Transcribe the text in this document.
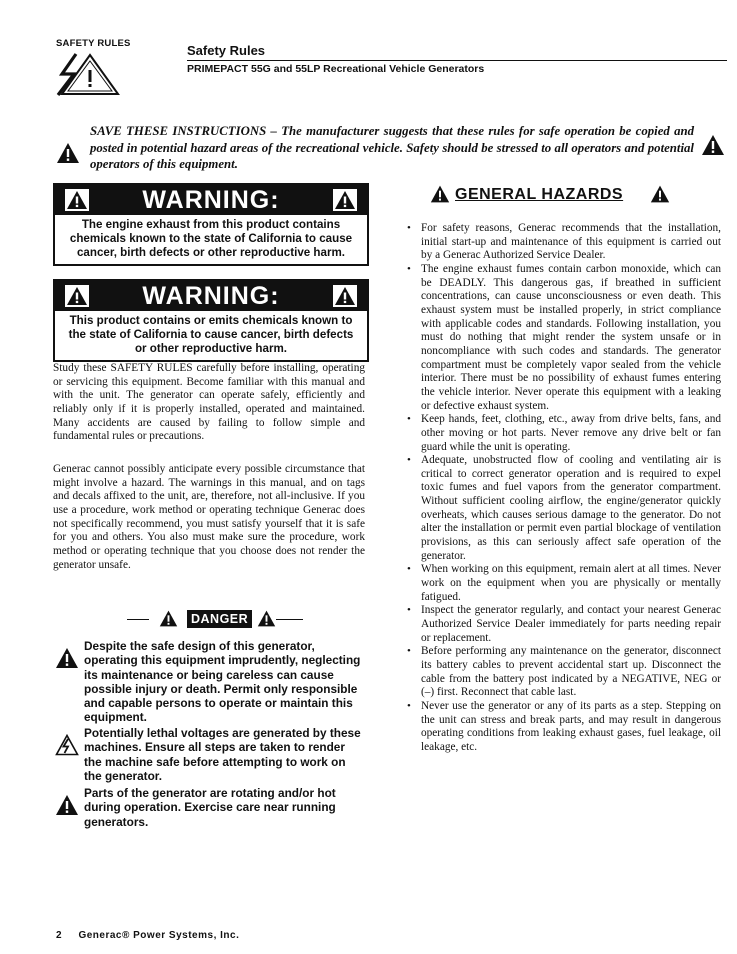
SAFETY RULES	Safety Rules
PRIMEPACT 55G and 55LP Recreational Vehicle Generators
SAVE THESE INSTRUCTIONS – The manufacturer suggests that these rules for safe operation be copied and posted in potential hazard areas of the recreational vehicle. Safety should be stressed to all operators and potential operators of this equipment.
WARNING:
The engine exhaust from this product contains chemicals known to the state of California to cause cancer, birth defects or other reproductive harm.
WARNING:
This product contains or emits chemicals known to the state of California to cause cancer, birth defects or other reproductive harm.
Study these SAFETY RULES carefully before installing, operating or servicing this equipment. Become familiar with this manual and with the unit. The generator can operate safely, efficiently and reliably only if it is properly installed, operated and maintained. Many accidents are caused by failing to follow simple and fundamental rules or precautions.
Generac cannot possibly anticipate every possible circumstance that might involve a hazard. The warnings in this manual, and on tags and decals affixed to the unit, are, therefore, not all-inclusive. If you use a procedure, work method or operating technique Generac does not specifically recommend, you must satisfy yourself that it is safe for you and others. You also must make sure the procedure, work method or operating technique that you choose does not render the generator unsafe.
DANGER
Despite the safe design of this generator, operating this equipment imprudently, neglecting its maintenance or being careless can cause possible injury or death. Permit only responsible and capable persons to operate or maintain this equipment.
Potentially lethal voltages are generated by these machines. Ensure all steps are taken to render the machine safe before attempting to work on the generator.
Parts of the generator are rotating and/or hot during operation. Exercise care near running generators.
GENERAL HAZARDS
• For safety reasons, Generac recommends that the installation, initial start-up and maintenance of this equipment is carried out by a Generac Authorized Service Dealer.
• The engine exhaust fumes contain carbon monoxide, which can be DEADLY. This dangerous gas, if breathed in sufficient concentrations, can cause unconsciousness or even death. This exhaust system must be installed properly, in strict compliance with applicable codes and standards. Following installation, you must do nothing that might render the system unsafe or in noncompliance with such codes and standards. The generator compartment must be completely vapor sealed from the vehicle interior. There must be no possibility of exhaust fumes entering the vehicle interior. Never operate this equipment with a leaking or defective exhaust system.
• Keep hands, feet, clothing, etc., away from drive belts, fans, and other moving or hot parts. Never remove any drive belt or fan guard while the unit is operating.
• Adequate, unobstructed flow of cooling and ventilating air is critical to correct generator operation and is required to expel toxic fumes and fuel vapors from the generator compartment. Without sufficient cooling airflow, the engine/generator quickly overheats, which causes serious damage to the generator. Do not alter the installation or permit even partial blockage of ventilation provisions, as this can seriously affect safe operation of the generator.
• When working on this equipment, remain alert at all times. Never work on the equipment when you are physically or mentally fatigued.
• Inspect the generator regularly, and contact your nearest Generac Authorized Service Dealer immediately for parts needing repair or replacement.
• Before performing any maintenance on the generator, disconnect its battery cables to prevent accidental start up. Disconnect the cable from the battery post indicated by a NEGATIVE, NEG or (–) first. Reconnect that cable last.
• Never use the generator or any of its parts as a step. Stepping on the unit can stress and break parts, and may result in dangerous operating conditions from leaking exhaust gases, fuel leakage, oil leakage, etc.
2 Generac® Power Systems, Inc.
